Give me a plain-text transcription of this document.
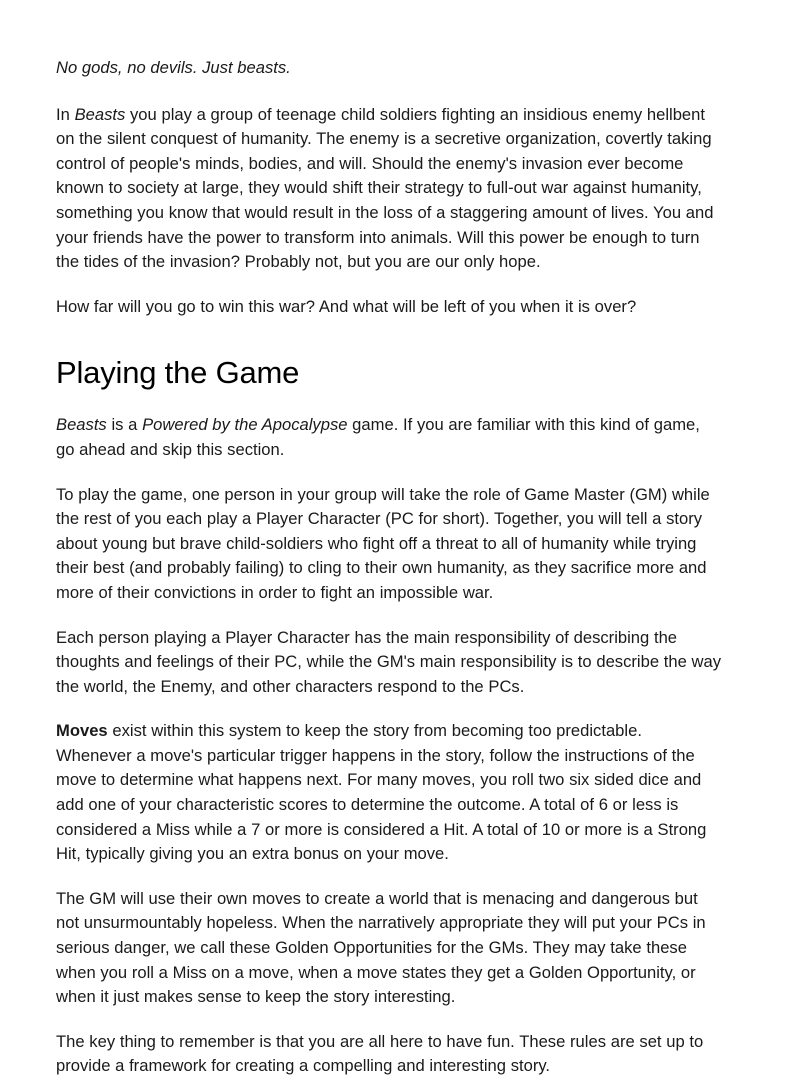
No gods, no devils. Just beasts.

In Beasts you play a group of teenage child soldiers fighting an insidious enemy hellbent on the silent conquest of humanity. The enemy is a secretive organization, covertly taking control of people's minds, bodies, and will. Should the enemy's invasion ever become known to society at large, they would shift their strategy to full-out war against humanity, something you know that would result in the loss of a staggering amount of lives. You and your friends have the power to transform into animals. Will this power be enough to turn the tides of the invasion? Probably not, but you are our only hope.

How far will you go to win this war? And what will be left of you when it is over?

Playing the Game

Beasts is a Powered by the Apocalypse game. If you are familiar with this kind of game, go ahead and skip this section.

To play the game, one person in your group will take the role of Game Master (GM) while the rest of you each play a Player Character (PC for short). Together, you will tell a story about young but brave child-soldiers who fight off a threat to all of humanity while trying their best (and probably failing) to cling to their own humanity, as they sacrifice more and more of their convictions in order to fight an impossible war.

Each person playing a Player Character has the main responsibility of describing the thoughts and feelings of their PC, while the GM's main responsibility is to describe the way the world, the Enemy, and other characters respond to the PCs.

Moves exist within this system to keep the story from becoming too predictable. Whenever a move's particular trigger happens in the story, follow the instructions of the move to determine what happens next. For many moves, you roll two six sided dice and add one of your characteristic scores to determine the outcome. A total of 6 or less is considered a Miss while a 7 or more is considered a Hit. A total of 10 or more is a Strong Hit, typically giving you an extra bonus on your move.

The GM will use their own moves to create a world that is menacing and dangerous but not unsurmountably hopeless. When the narratively appropriate they will put your PCs in serious danger, we call these Golden Opportunities for the GMs. They may take these when you roll a Miss on a move, when a move states they get a Golden Opportunity, or when it just makes sense to keep the story interesting.

The key thing to remember is that you are all here to have fun. These rules are set up to provide a framework for creating a compelling and interesting story.
